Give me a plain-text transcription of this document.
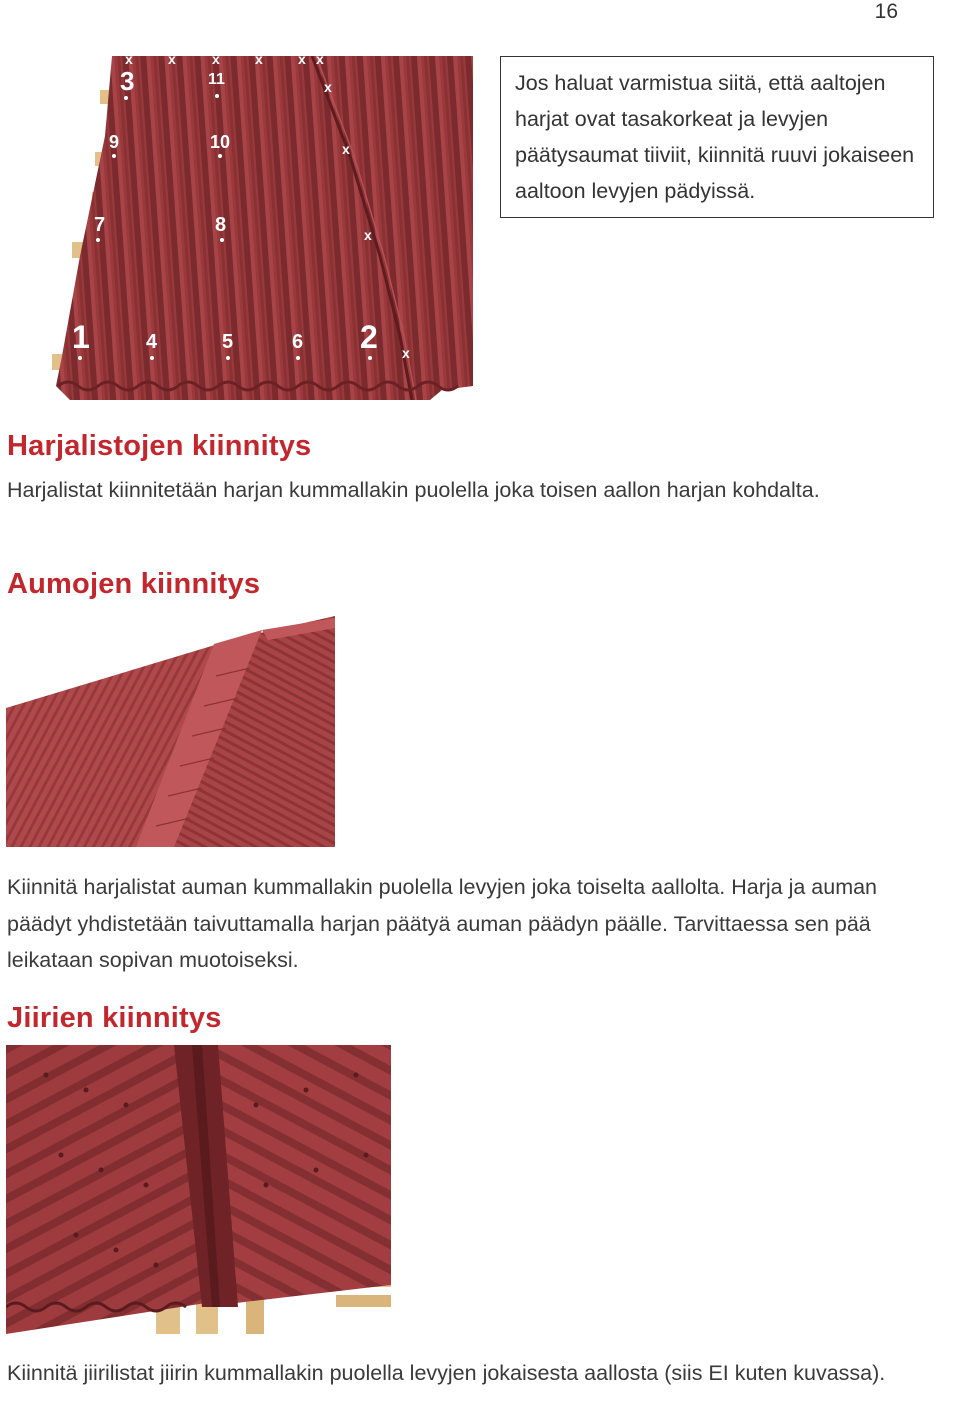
16
x	x	x	x	x x
x
x
x
x
3	11
9	10
7	8
1	4	5	6 2
Jos haluat varmistua siitä, että aaltojen harjat ovat tasakorkeat ja levyjen päätysaumat tiiviit, kiinnitä ruuvi jokaiseen aaltoon levyjen pädyissä.
Harjalistojen kiinnitys

Harjalistat kiinnitetään harjan kummallakin puolella joka toisen aallon harjan kohdalta.

Aumojen kiinnitys

Kiinnitä harjalistat auman kummallakin puolella levyjen joka toiselta aallolta. Harja ja auman päädyt yhdistetään taivuttamalla harjan päätyä auman päädyn päälle. Tarvittaessa sen pää leikataan sopivan muotoiseksi.

Jiirien kiinnitys

Kiinnitä jiirilistat jiirin kummallakin puolella levyjen jokaisesta aallosta (siis EI kuten kuvassa).
